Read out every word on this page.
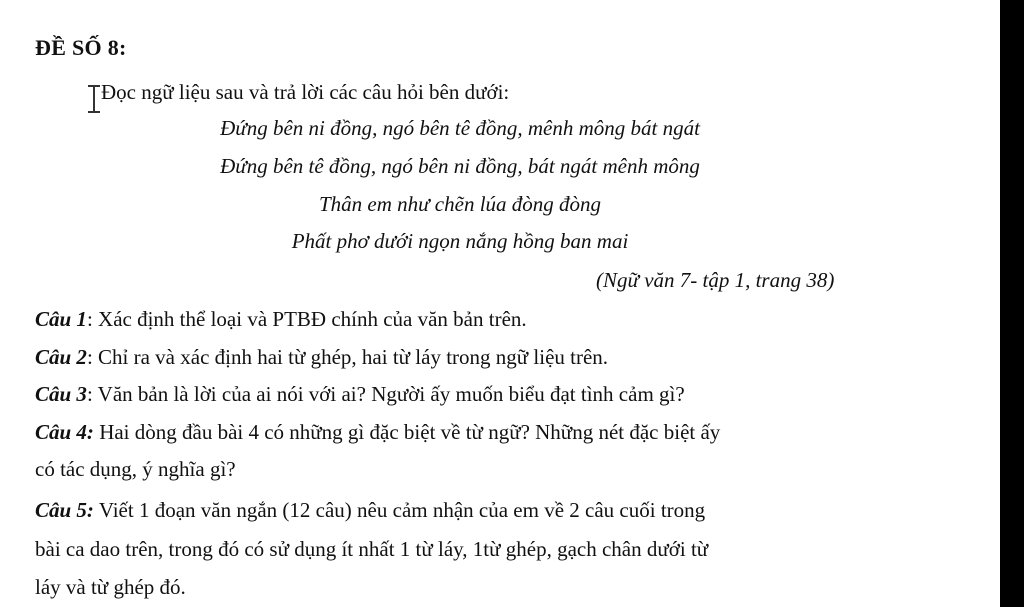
ĐỀ SỐ 8:
Đọc ngữ liệu sau và trả lời các câu hỏi bên dưới:
Đứng bên ni đồng, ngó bên tê đồng, mênh mông bát ngát
Đứng bên tê đồng, ngó bên ni đồng, bát ngát mênh mông
Thân em như chẽn lúa đòng đòng
Phất phơ dưới ngọn nắng hồng ban mai
(Ngữ văn 7- tập 1, trang 38)
Câu 1: Xác định thể loại và PTBĐ chính của văn bản trên.
Câu 2: Chỉ ra và xác định hai từ ghép, hai từ láy trong ngữ liệu trên.
Câu 3: Văn bản là lời của ai nói với ai? Người ấy muốn biểu đạt tình cảm gì?
Câu 4: Hai dòng đầu bài 4 có những gì đặc biệt về từ ngữ? Những nét đặc biệt ấy
có tác dụng, ý nghĩa gì?
Câu 5: Viết 1 đoạn văn ngắn (12 câu) nêu cảm nhận của em về 2 câu cuối trong
bài ca dao trên, trong đó có sử dụng ít nhất 1 từ láy, 1từ ghép, gạch chân dưới từ
láy và từ ghép đó.
